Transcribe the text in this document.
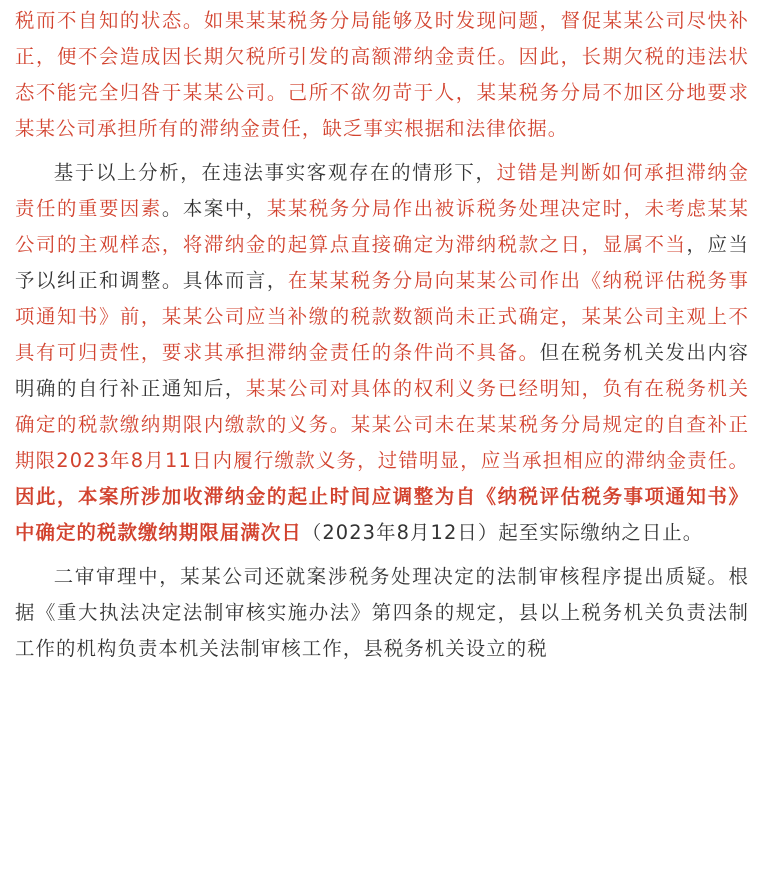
税而不自知的状态。如果某某税务分局能够及时发现问题，督促某某公司尽快补正，便不会造成因长期欠税所引发的高额滞纳金责任。因此，长期欠税的违法状态不能完全归咎于某某公司。己所不欲勿苛于人，某某税务分局不加区分地要求某某公司承担所有的滞纳金责任，缺乏事实根据和法律依据。

基于以上分析，在违法事实客观存在的情形下，过错是判断如何承担滞纳金责任的重要因素。本案中，某某税务分局作出被诉税务处理决定时，未考虑某某公司的主观样态，将滞纳金的起算点直接确定为滞纳税款之日，显属不当，应当予以纠正和调整。具体而言，在某某税务分局向某某公司作出《纳税评估税务事项通知书》前，某某公司应当补缴的税款数额尚未正式确定，某某公司主观上不具有可归责性，要求其承担滞纳金责任的条件尚不具备。但在税务机关发出内容明确的自行补正通知后，某某公司对具体的权利义务已经明知，负有在税务机关确定的税款缴纳期限内缴款的义务。某某公司未在某某税务分局规定的自查补正期限2023年8月11日内履行缴款义务，过错明显，应当承担相应的滞纳金责任。因此，本案所涉加收滞纳金的起止时间应调整为自《纳税评估税务事项通知书》中确定的税款缴纳期限届满次日（2023年8月12日）起至实际缴纳之日止。

二审审理中，某某公司还就案涉税务处理决定的法制审核程序提出质疑。根据《重大执法决定法制审核实施办法》第四条的规定，县以上税务机关负责法制工作的机构负责本机关法制审核工作，县税务机关设立的税
